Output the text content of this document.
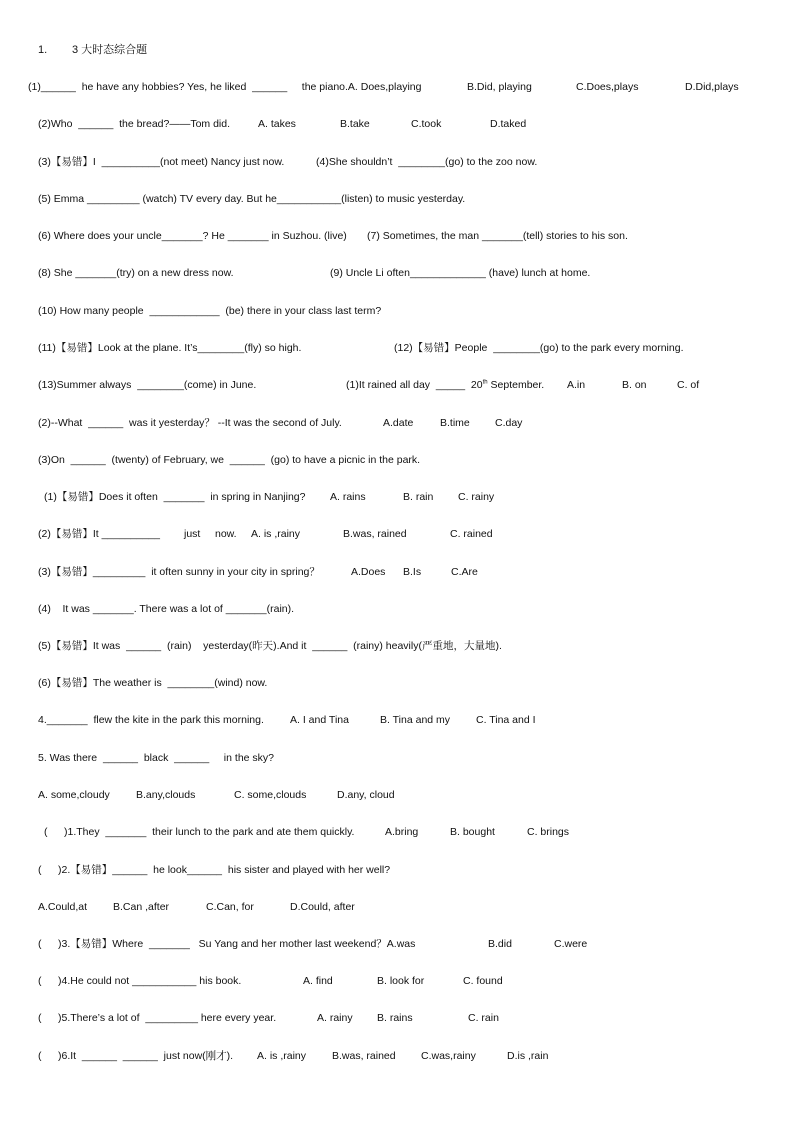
1. 3 大时态综合题
(1)______  he have any hobbies? Yes, he liked  ______     the piano.A. Does,playing	B.Did, playing	C.Does,plays	D.Did,plays
(2)Who  ______  the bread?——Tom did.	A. takes	B.take	C.took	D.taked
(3)【易错】I  __________(not meet) Nancy just now.	(4)She shouldn’t  ________(go) to the zoo now.
(5) Emma _________ (watch) TV every day. But he___________(listen) to music yesterday.
(6) Where does your uncle_______? He _______ in Suzhou. (live) (7) Sometimes, the man _______(tell) stories to his son.
(8) She _______(try) on a new dress now.	(9) Uncle Li often_____________ (have) lunch at home.
(10) How many people  ____________  (be) there in your class last term?
(11)【易错】Look at the plane. It’s________(fly) so high.	(12)【易错】People  ________(go) to the park every morning.
(13)Summer always  ________(come) in June.	(1)It rained all day  _____  20th September. A.in	B. on	C. of
(2)--What  ______  was it yesterday？ --It was the second of July.	A.date	B.time C.day
(3)On  ______  (twenty) of February, we  ______  (go) to have a picnic in the park.
(1)【易错】Does it often  _______  in spring in Nanjing? A. rains	B. rain C. rainy
(2)【易错】It __________ just now. A. is ,rainy	B.was, rained	C. rained
(3)【易错】_________  it often sunny in your city in spring？	A.Does B.Is	C.Are
(4)    It was _______. There was a lot of _______(rain).
(5)【易错】It was  ______  (rain)    yesterday(昨天).And it  ______  (rainy) heavily(严重地，大量地).
(6)【易错】The weather is  ________(wind) now.
4._______  flew the kite in the park this morning. A. I and Tina	B. Tina and my C. Tina and I
5. Was there  ______  black  ______     in the sky?
A. some,cloudy B.any,clouds	C. some,clouds	D.any, cloud
( )1.They  _______  their lunch to the park and ate them quickly.	A.bring	B. bought	C. brings
( )2.【易错】______  he look______  his sister and played with her well?
A.Could,at B.Can ,after	C.Can, for	D.Could, after
( )3.【易错】Where  _______   Su Yang and her mother last weekend？A.was	B.did	C.were
( )4.He could not ___________ his book.	A. find	B. look for	C. found
( )5.There’s a lot of  _________ here every year.	A. rainy B. rains	C. rain
( )6.It  ______  ______  just now(刚才). A. is ,rainy B.was, rained C.was,rainy	D.is ,rain
